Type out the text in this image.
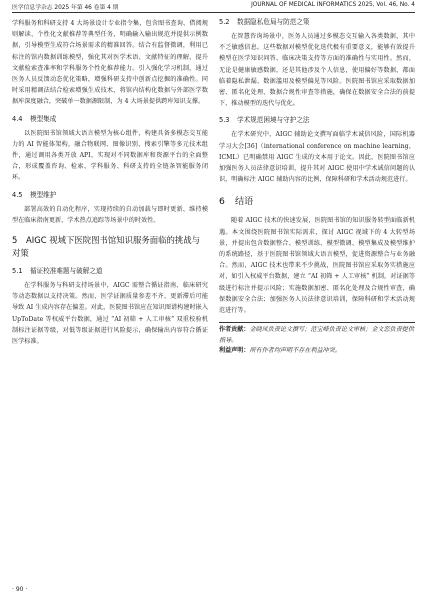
医学信息学杂志 2025 年第 46 卷第 4 期	JOURNAL OF MEDICAL INFORMATICS 2025, Vol. 46, No. 4

学科服务和科研支持 4 大场景设计专业指令集，包含图书查询、借阅规则解读、个性化文献推荐等典型任务，明确输入输出规范并提供示例数据，引导模型生成符合场景需求的精准回答。结合有监督微调，利用已标注的馆内数据训练模型，强化其对医学术语、文献特征的理解，提升文献检索查准率和学科服务个性化推荐能力。引入强化学习机制，通过医务人员反馈动态优化策略，增强科研支持中创新点挖掘的准确性。同时采用精调法结合检索增强生成技术，将馆内结构化数据与外部医学数据库深度融合，突破单一数据源限制，为 4 大场景提供跨库知识支撑。

4.4 模型集成

以医院图书馆领域大语言模型为核心组件，构建具备多模态交互能力的 AI 智能体架构，融合物联网、图像识别、搜索引擎等多元技术组件，通过调用各类开放 API，实现对不同数据库和资源平台的全面整合，形成覆盖咨询、检索、学科服务、科研支持的全链条智能服务闭环。

4.5 模型维护

部署高效的自动化程序，实现持续的自动加载与即时更新、维持模型在临床指南更新、学术热点追踪等场景中的时效性。

5 AIGC 视域下医院图书馆知识服务面临的挑战与对策
5.1 循证校准难题与破解之道

在学科服务与科研支持场景中，AIGC 需整合循证指南、临床研究等动态数据以支持决策。然而，医学证据质量参差不齐、更新滞后可能导致 AI 生成内容存在偏差。对此，医院图书馆应在知识图谱构建时嵌入 UpToDate 等权威平台数据，通过 “AI 初筛 + 人工审核” 双重校验机制标注证据等级，对低等级证据进行风险提示，确保输出内容符合循证医学标准。

5.2 数据隐私危局与防范之策

在智慧咨询场景中，医务人员通过多模态交互输入各类数据，其中不乏敏感信息。这些数据对模型优化迭代极有重要意义，能够有效提升模型在医学知识问答、临床决策支持等方面的准确性与实用性。然而，无论是健康敏感数据，还是其他涉及个人信息，使用偏好等数据，都面临着隐私泄漏、数据滥用及模型偏见等风险。医院图书馆应采取数据加密、匿名化处理、数据合规性审查等措施，确保在数据安全合法的前提下，推动模型的迭代与优化。

5.3 学术规范困境与守护之法

在学术研究中，AIGC 辅助论文撰写面临学术诚信风险，国际机器学习大会[36]（international conference on machine learning，ICML）已明确禁用 AIGC 生成的文本用于论文。因此，医院图书馆应加强医务人员法律意识培训，提升其对 AIGC 使用中学术诚信问题的认识，明确标注 AIGC 辅助内容的比例，保障科研和学术活动规范进行。

6 结语

随着 AIGC 技术的快速发展，医院图书馆的知识服务转型面临新机遇。本文围绕医院图书馆实际需求，探讨 AIGC 视域下的 4 大转型场景，并提出包含数据整合、模型训练、模型微调、模型集成及模型维护的系统路径，基于医院图书馆领域大语言模型，促进资源整合与业务融合。然而，AIGC 技术也带来不少挑战，医院图书馆应采取务实措施应对，如引入权威平台数据，建立 “AI 初筛 + 人工审核” 机制，对证据等级进行标注并提示风险；实施数据加密、匿名化处理及合规性审查，确保数据安全合法；加强医务人员法律意识培训，保障科研和学术活动规范进行等。

作者贡献：金晓凤负责论文撰写；范宝峰负责论文审核；金文恋负责提供指导。
利益声明：所有作者均声明不存在利益冲突。
· 90 ·
